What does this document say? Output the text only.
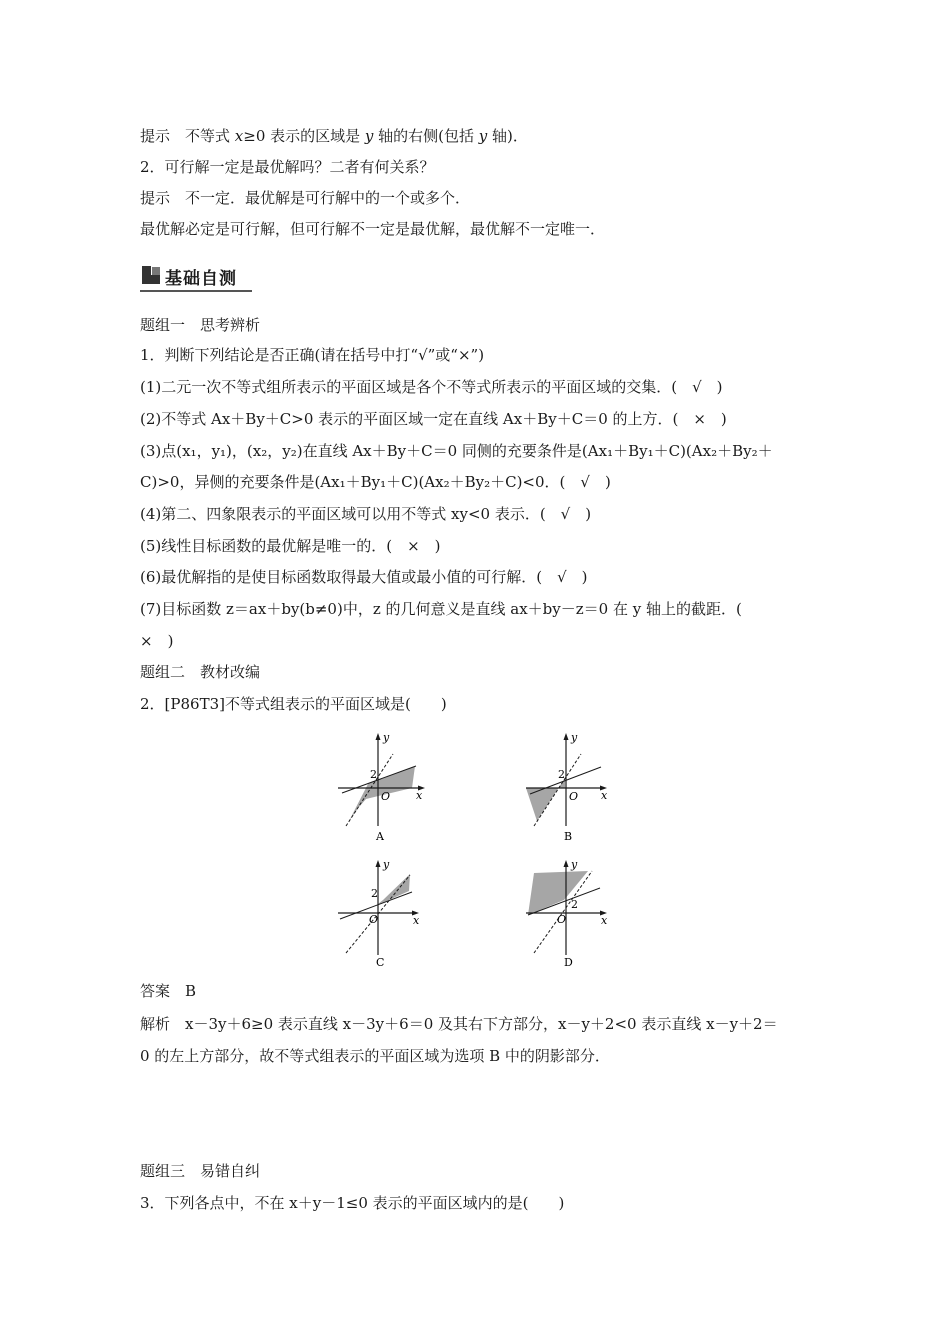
提示　不等式 x≥0 表示的区域是 y 轴的右侧(包括 y 轴)．
2．可行解一定是最优解吗？二者有何关系？
提示　不一定．最优解是可行解中的一个或多个．
最优解必定是可行解，但可行解不一定是最优解，最优解不一定唯一．
基础自测
题组一　思考辨析
1．判断下列结论是否正确(请在括号中打“√”或“×”)
(1)二元一次不等式组所表示的平面区域是各个不等式所表示的平面区域的交集．(　√　)
(2)不等式 Ax＋By＋C>0 表示的平面区域一定在直线 Ax＋By＋C＝0 的上方．(　×　)
(3)点(x₁，y₁)，(x₂，y₂)在直线 Ax＋By＋C＝0 同侧的充要条件是(Ax₁＋By₁＋C)(Ax₂＋By₂＋
C)>0，异侧的充要条件是(Ax₁＋By₁＋C)(Ax₂＋By₂＋C)<0．(　√　)
(4)第二、四象限表示的平面区域可以用不等式 xy<0 表示．(　√　)
(5)线性目标函数的最优解是唯一的．(　×　)
(6)最优解指的是使目标函数取得最大值或最小值的可行解．(　√　)
(7)目标函数 z＝ax＋by(b≠0)中，z 的几何意义是直线 ax＋by－z＝0 在 y 轴上的截距．(
×　)
题组二　教材改编
2．[P86T3]不等式组表示的平面区域是(　　)
y
x
O
2
A
y
x
O
2
B
y
x
O
2
C
y
x
O
2
D
答案　B
解析　x－3y＋6≥0 表示直线 x－3y＋6＝0 及其右下方部分，x－y＋2<0 表示直线 x－y＋2＝
0 的左上方部分，故不等式组表示的平面区域为选项 B 中的阴影部分．
题组三　易错自纠
3．下列各点中，不在 x＋y－1≤0 表示的平面区域内的是(　　)
